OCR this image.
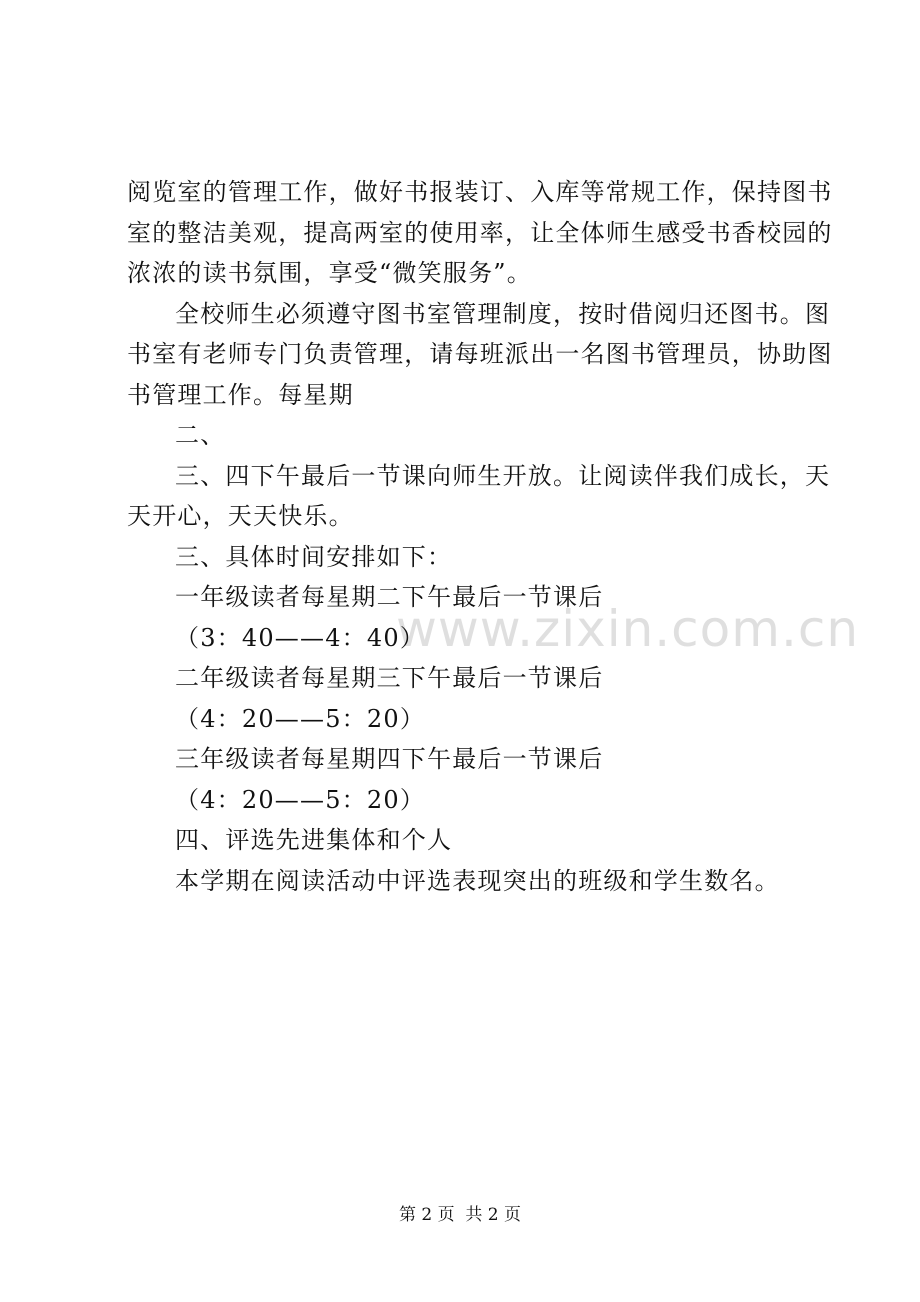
www.zixin.com.cn
阅览室的管理工作，做好书报装订、入库等常规工作，保持图书
室的整洁美观，提高两室的使用率，让全体师生感受书香校园的
浓浓的读书氛围，享受“微笑服务”。
全校师生必须遵守图书室管理制度，按时借阅归还图书。图
书室有老师专门负责管理，请每班派出一名图书管理员，协助图
书管理工作。每星期
二、
三、四下午最后一节课向师生开放。让阅读伴我们成长，天
天开心，天天快乐。
三、具体时间安排如下：
一年级读者每星期二下午最后一节课后
（3：40——4：40）
二年级读者每星期三下午最后一节课后
（4：20——5：20）
三年级读者每星期四下午最后一节课后
（4：20——5：20）
四、评选先进集体和个人
本学期在阅读活动中评选表现突出的班级和学生数名。
第 2 页  共 2 页
